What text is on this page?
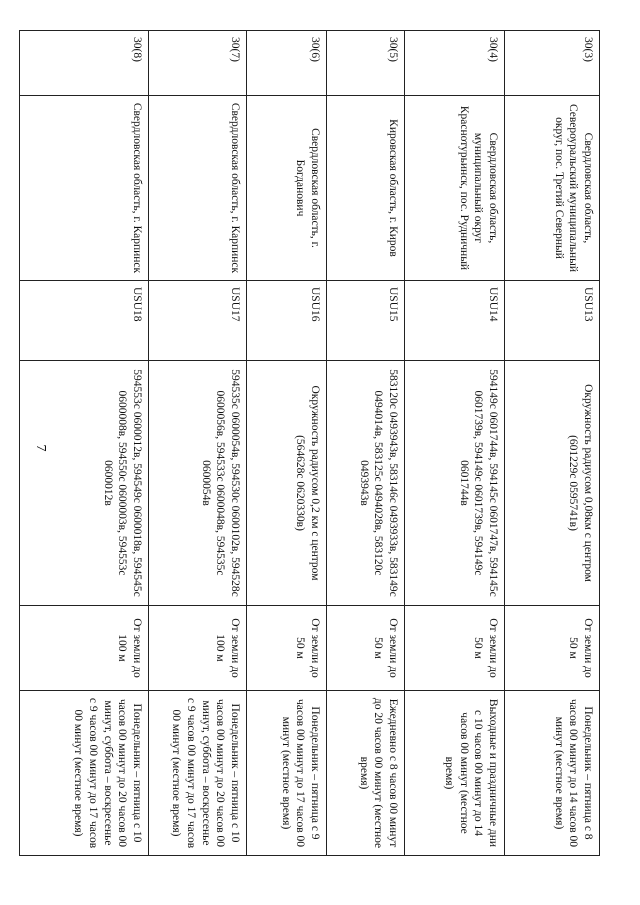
7
30(3)	Свердловская область, Североуральский муниципальный округ, пос. Третий Северный	USU13	Окружность радиусом 0,08км с центром (601229с 0595741в)	От земли до 50 м	Понедельник – пятница с 8 часов 00 минут до 14 часов 00 минут (местное время)
30(4)	Свердловская область, муниципальный округ Краснотурьинск, пос. Рудничный	USU14	594149с 0601744в, 594145с 0601747в, 594145с 0601739в, 594149с 0601739в, 594149с 0601744в	От земли до 50 м	Выходные и праздничные дни с 10 часов 00 минут до 14 часов 00 минут (местное время)
30(5)	Кировская область, г. Киров	USU15	583120с 0493943в, 583146с 0493933в, 583149с 0494014в, 583125с 0494028в, 583120с 0493943в	От земли до 50 м	Ежедневно с 8 часов 00 минут до 20 часов 00 минут (местное время)
30(6)	Свердловская область, г. Богданович	USU16	Окружность радиусом 0,2 км с центром (564628с 0620330в)	От земли до 50 м	Понедельник – пятница с 9 часов 00 минут до 17 часов 00 минут (местное время)
30(7)	Свердловская область, г. Карпинск	USU17	594535с 0600054в, 594530с 0600102в, 594528с 0600056в, 594533с 0600048в, 594535с 0600054в	От земли до 100 м	Понедельник – пятница с 10 часов 00 минут до 20 часов 00 минут, суббота – воскресенье с 9 часов 00 минут до 17 часов 00 минут (местное время)
30(8)	Свердловская область, г. Карпинск	USU18	594553с 0600012в, 594549с 0600018в, 594545с 0600008в, 594550с 0600003в, 594553с 0600012в	От земли до 100 м	Понедельник – пятница с 10 часов 00 минут до 20 часов 00 минут, суббота – воскресенье с 9 часов 00 минут до 17 часов 00 минут (местное время)
